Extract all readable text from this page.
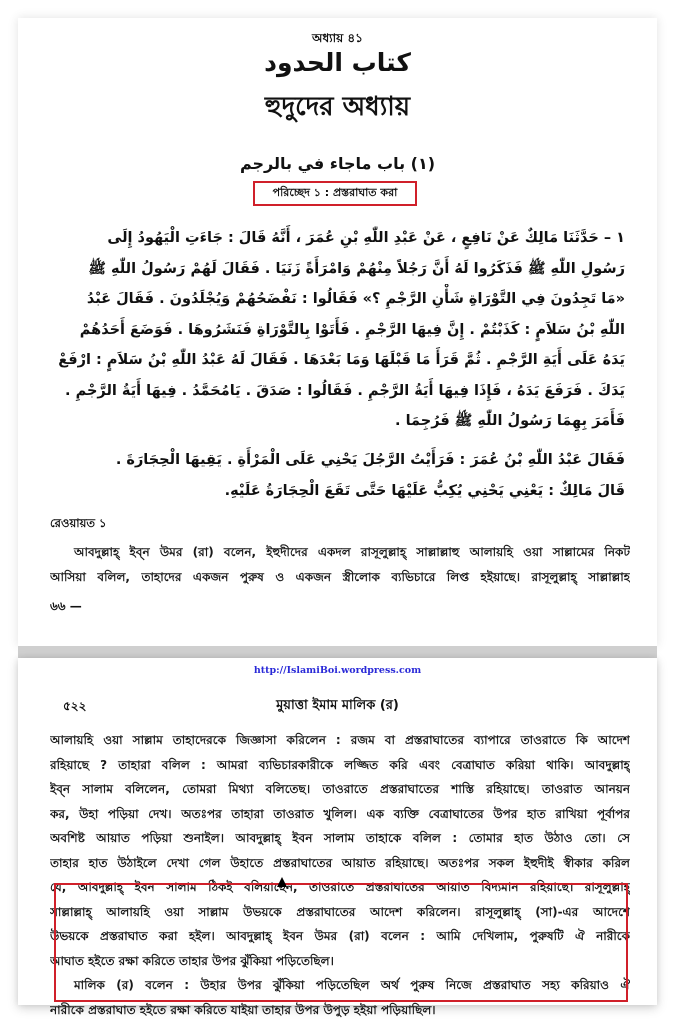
অধ্যায় ৪১
كتاب الحدود
হুদুদের অধ্যায়
(١) باب ماجاء في بالرجم
পরিচ্ছেদ ১ : প্রস্তরাঘাত করা
١ – حَدَّثَنَا مَالِكٌ عَنْ نَافِعٍ ، عَنْ عَبْدِ اللّٰهِ بْنِ عُمَرَ ، أَنَّهُ قَالَ : جَاءَتِ الْيَهُودُ إِلَى
رَسُولِ اللّٰهِ ﷺ فَذَكَرُوا لَهُ أَنَّ رَجُلاً مِنْهُمْ وَامْرَأَةً زَنَيَا . فَقَالَ لَهُمْ رَسُولُ اللّٰهِ ﷺ
«مَا تَجِدُونَ فِي التَّوْرَاةِ شَأْنِ الرَّجْمِ ؟» فَقَالُوا : نَفْضَحُهُمْ وَيُجْلَدُونَ . فَقَالَ عَبْدُ
اللّٰهِ بْنُ سَلاَمٍ : كَذَبْتُمْ . إِنَّ فِيهَا الرَّجْمِ . فَأَتَوْا بِالتَّوْرَاةِ فَنَشَرُوهَا . فَوَضَعَ أَحَدُهُمْ
يَدَهُ عَلَى أَيَةِ الرَّجْمِ . ثُمَّ قَرَأَ مَا قَبْلَهَا وَمَا بَعْدَهَا . فَقَالَ لَهُ عَبْدُ اللّٰهِ بْنُ سَلاَمٍ : ارْفَعْ
يَدَكَ . فَرَفَعَ يَدَهُ ، فَإِذَا فِيهَا أَيَةُ الرَّجْمِ . فَقَالُوا : صَدَقَ . يَامُحَمَّدُ . فِيهَا أَيَةُ الرَّجْمِ .
فَأَمَرَ بِهِمَا رَسُولُ اللّٰهِ ﷺ فَرُجِمَا .
فَقَالَ عَبْدُ اللّٰهِ بْنُ عُمَرَ : فَرَأَيْتُ الرَّجُلَ يَحْنِي عَلَى الْمَرْأَةِ . يَقِيهَا الْحِجَارَةَ .
قَالَ مَالِكٌ : يَعْنِي يَحْنِي يُكِبُّ عَلَيْهَا حَتَّى تَقَعَ الْحِجَارَةُ عَلَيْهِ.
রেওয়ায়ত ১
আবদুল্লাহ্ ইব্ন উমর (রা) বলেন, ইহুদীদের একদল রাসূলুল্লাহ্ সাল্লাল্লাহু আলায়হি ওয়া সাল্লামের নিকট
আসিয়া বলিল, তাহাদের একজন পুরুষ ও একজন স্ত্রীলোক ব্যভিচারে লিপ্ত হইয়াছে। রাসূলুল্লাহ্ সাল্লাল্লাহ
৬৬ —
http://IslamiBoi.wordpress.com
৫২২	মুয়াত্তা ইমাম মালিক (র)
আলায়হি ওয়া সাল্লাম তাহাদেরকে জিজ্ঞাসা করিলেন : রজম বা প্রস্তরাঘাতের ব্যাপারে তাওরাতে কি আদেশ
রহিয়াছে ? তাহারা বলিল : আমরা ব্যভিচারকারীকে লজ্জিত করি এবং বেত্রাঘাত করিয়া থাকি। আবদুল্লাহ্
ইব্ন সালাম বলিলেন, তোমরা মিথ্যা বলিতেছ। তাওরাতে প্রস্তরাঘাতের শাস্তি রহিয়াছে। তাওরাত আনয়ন
কর, উহা পড়িয়া দেখ। অতঃপর তাহারা তাওরাত খুলিল। এক ব্যক্তি বেত্রাঘাতের উপর হাত রাখিয়া পূর্বাপর
অবশিষ্ট আয়াত পড়িয়া শুনাইল। আবদুল্লাহ্ ইবন সালাম তাহাকে বলিল : তোমার হাত উঠাও তো। সে
তাহার হাত উঠাইলে দেখা গেল উহাতে প্রস্তরাঘাতের আয়াত রহিয়াছে। অতঃপর সকল ইহুদীই স্বীকার করিল
যে, আবদুল্লাহ্ ইবন সালাম ঠিকই বলিয়াছেন, তাওরাতে প্রস্তরাঘাতের আয়াত বিদ্যমান রহিয়াছে। রাসূলুল্লাহ্
সাল্লাল্লাহ্ আলায়হি ওয়া সাল্লাম উভয়কে প্রস্তরাঘাতের আদেশ করিলেন। রাসূলুল্লাহ্ (সা)-এর আদেশে
উভয়কে প্রস্তরাঘাত করা হইল। আবদুল্লাহ্ ইবন উমর (রা) বলেন : আমি দেখিলাম, পুরুষটি ঐ নারীকে
আঘাত হইতে রক্ষা করিতে তাহার উপর ঝুঁকিয়া পড়িতেছিল।
মালিক (র) বলেন : উহার উপর ঝুঁকিয়া পড়িতেছিল অর্থ পুরুষ নিজে প্রস্তরাঘাত সহ্য করিয়াও ঐ
নারীকে প্রস্তরাঘাত হইতে রক্ষা করিতে যাইয়া তাহার উপর উপুড় হইয়া পড়িয়াছিল।
